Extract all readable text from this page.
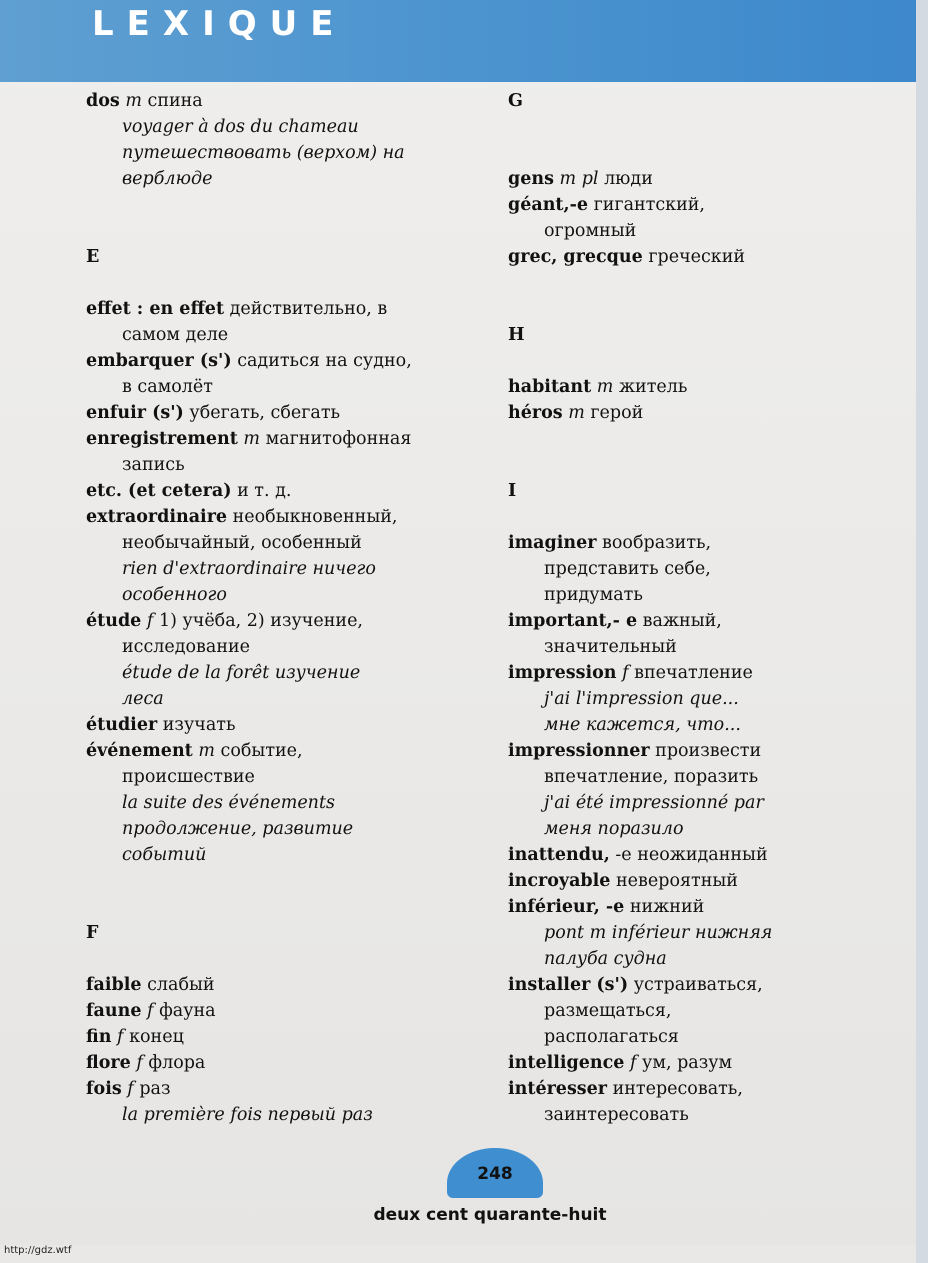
LEXIQUE
dos m спина
voyager à dos du chameau
путешествовать (верхом) на
верблюде
E
effet : en effet действительно, в
самом деле
embarquer (s') садиться на судно,
в самолёт
enfuir (s') убегать, сбегать
enregistrement m магнитофонная
запись
etc. (et cetera) и т. д.
extraordinaire необыкновенный,
необычайный, особенный
rien d'extraordinaire ничего
особенного
étude f 1) учёба, 2) изучение,
исследование
étude de la forêt изучение
леса
étudier изучать
événement m событие,
происшествие
la suite des événements
продолжение, развитие
событий
F
faible слабый
faune f фауна
fin f конец
flore f флора
fois f раз
la première fois первый раз
G
gens m pl люди
géant,-e гигантский,
огромный
grec, grecque греческий
H
habitant m житель
héros m герой
I
imaginer вообразить,
представить себе,
придумать
important,- e важный,
значительный
impression f впечатление
j'ai l'impression que...
мне кажется, что...
impressionner произвести
впечатление, поразить
j'ai été impressionné par
меня поразило
inattendu, -е неожиданный
incroyable невероятный
inférieur, -e нижний
pont m inférieur нижняя
палуба судна
installer (s') устраиваться,
размещаться,
располагаться
intelligence f ум, разум
intéresser интересовать,
заинтересовать
248
deux cent quarante-huit
http://gdz.wtf
